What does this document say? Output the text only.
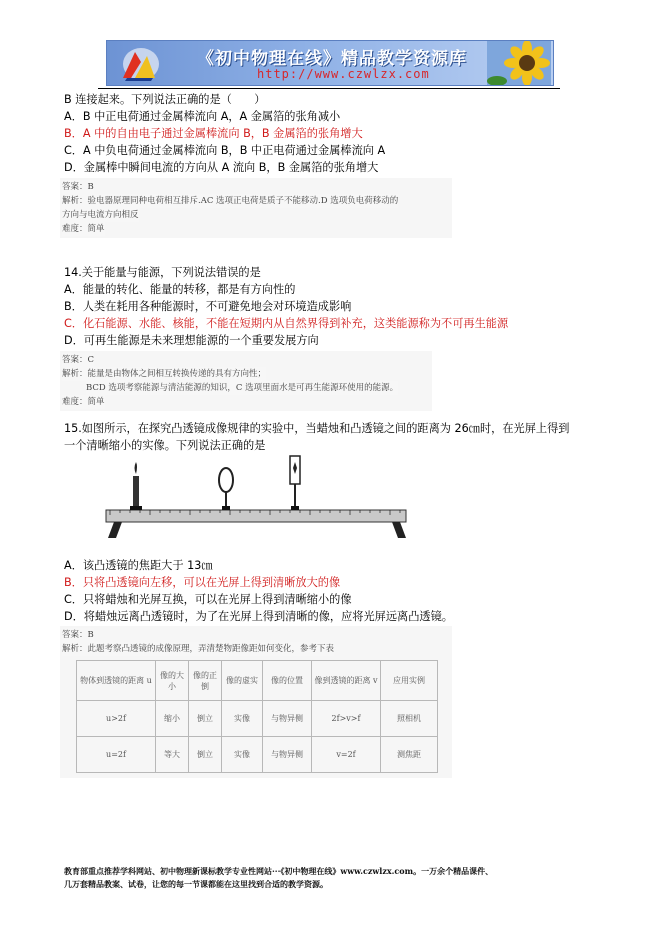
《初中物理在线》精品教学资源库
http://www.czwlzx.com
B 连接起来。下列说法正确的是（　　）
A．B 中正电荷通过金属棒流向 A，A 金属箔的张角减小
B．A 中的自由电子通过金属棒流向 B，B 金属箔的张角增大
C．A 中负电荷通过金属棒流向 B，B 中正电荷通过金属棒流向 A
D．金属棒中瞬间电流的方向从 A 流向 B，B 金属箔的张角增大
答案：B
解析：验电器原理同种电荷相互排斥.AC 选项正电荷是质子不能移动.D 选项负电荷移动的
方向与电流方向相反
难度：简单
14.关于能量与能源，下列说法错误的是
A．能量的转化、能量的转移，都是有方向性的
B．人类在耗用各种能源时，不可避免地会对环境造成影响
C．化石能源、水能、核能，不能在短期内从自然界得到补充，这类能源称为不可再生能源
D．可再生能源是未来理想能源的一个重要发展方向
答案：C
解析：能量是由物体之间相互转换传递的具有方向性；
BCD 选项考察能源与清洁能源的知识，C 选项里面水是可再生能源环使用的能源。
难度：简单
15.如图所示，在探究凸透镜成像规律的实验中，当蜡烛和凸透镜之间的距离为 26㎝时，在光屏上得到
一个清晰缩小的实像。下列说法正确的是
A．该凸透镜的焦距大于 13㎝
B．只将凸透镜向左移，可以在光屏上得到清晰放大的像
C．只将蜡烛和光屏互换，可以在光屏上得到清晰缩小的像
D．将蜡烛远离凸透镜时，为了在光屏上得到清晰的像，应将光屏远离凸透镜。
答案：B
解析：此题考察凸透镜的成像原理，弄清楚物距像距如何变化，参考下表
物体到透镜的距离 u	像的大小	像的正倒	像的虚实	像的位置	像到透镜的距离 v	应用实例
u>2f	缩小	倒立	实像	与物异侧	2f>v>f	照相机
u=2f	等大	倒立	实像	与物异侧	v=2f	测焦距
教育部重点推荐学科网站、初中物理新课标教学专业性网站···《初中物理在线》www.czwlzx.com。一万余个精品课件、
几万套精品教案、试卷，让您的每一节课都能在这里找到合适的教学资源。
